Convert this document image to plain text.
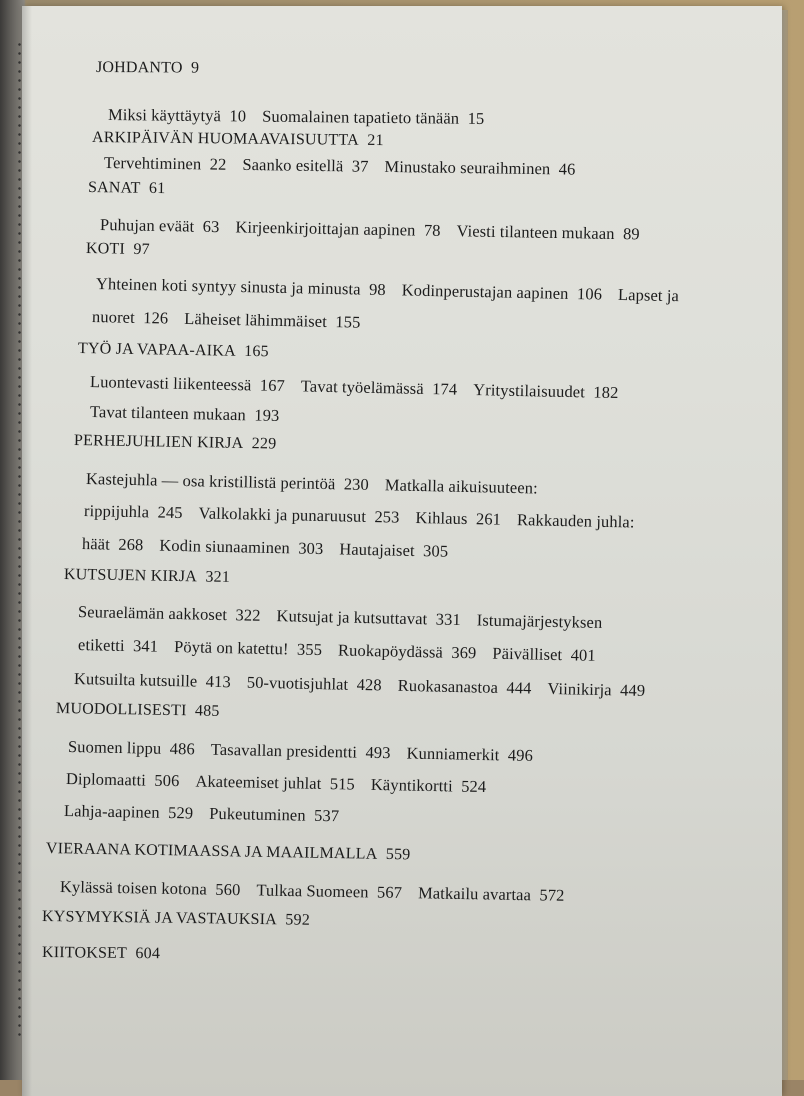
JOHDANTO 9
Miksi käyttäytyä 10 Suomalainen tapatieto tänään 15
ARKIPÄIVÄN HUOMAAVAISUUTTA 21
Tervehtiminen 22 Saanko esitellä 37 Minustako seuraihminen 46
SANAT 61
Puhujan eväät 63 Kirjeenkirjoittajan aapinen 78 Viesti tilanteen mukaan 89
KOTI 97
Yhteinen koti syntyy sinusta ja minusta 98 Kodinperustajan aapinen 106 Lapset ja
nuoret 126 Läheiset lähimmäiset 155
TYÖ JA VAPAA-AIKA 165
Luontevasti liikenteessä 167 Tavat työelämässä 174 Yritystilaisuudet 182
Tavat tilanteen mukaan 193
PERHEJUHLIEN KIRJA 229
Kastejuhla — osa kristillistä perintöä 230 Matkalla aikuisuuteen:
rippijuhla 245 Valkolakki ja punaruusut 253 Kihlaus 261 Rakkauden juhla:
häät 268 Kodin siunaaminen 303 Hautajaiset 305
KUTSUJEN KIRJA 321
Seuraelämän aakkoset 322 Kutsujat ja kutsuttavat 331 Istumajärjestyksen
etiketti 341 Pöytä on katettu! 355 Ruokapöydässä 369 Päivälliset 401
Kutsuilta kutsuille 413 50-vuotisjuhlat 428 Ruokasanastoa 444 Viinikirja 449
MUODOLLISESTI 485
Suomen lippu 486 Tasavallan presidentti 493 Kunniamerkit 496
Diplomaatti 506 Akateemiset juhlat 515 Käyntikortti 524
Lahja-aapinen 529 Pukeutuminen 537
VIERAANA KOTIMAASSA JA MAAILMALLA 559
Kylässä toisen kotona 560 Tulkaa Suomeen 567 Matkailu avartaa 572
KYSYMYKSIÄ JA VASTAUKSIA 592
KIITOKSET 604
